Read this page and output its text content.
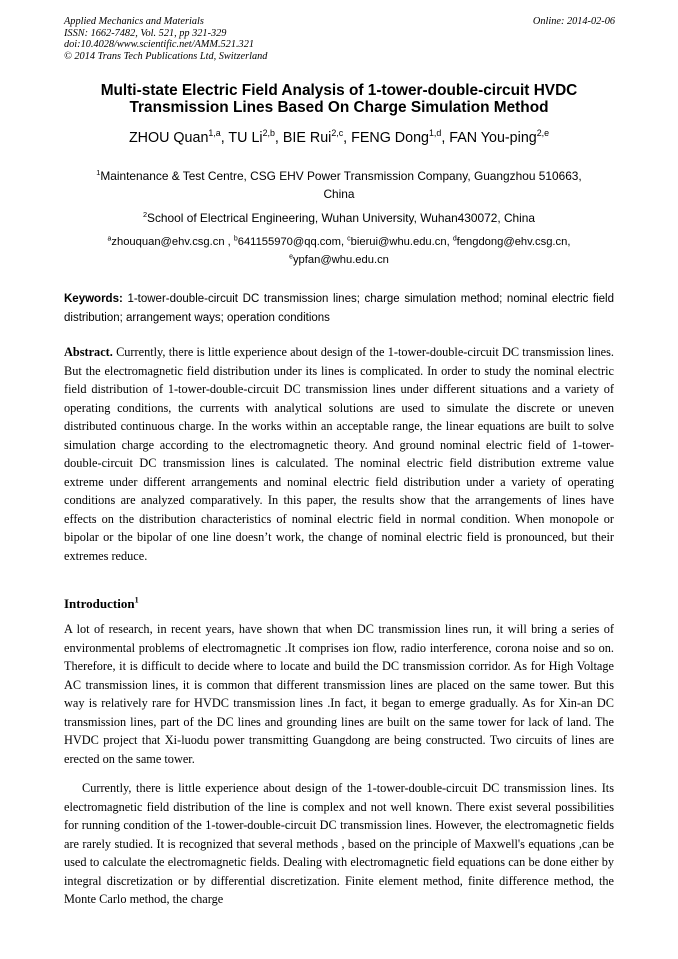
Applied Mechanics and Materials
ISSN: 1662-7482, Vol. 521, pp 321-329
doi:10.4028/www.scientific.net/AMM.521.321
© 2014 Trans Tech Publications Ltd, Switzerland
Online: 2014-02-06
Multi-state Electric Field Analysis of 1-tower-double-circuit HVDC
Transmission Lines Based On Charge Simulation Method
ZHOU Quan$^{1,a}$, TU Li$^{2,b}$, BIE Rui$^{2,c}$, FENG Dong$^{1,d}$, FAN You-ping$^{2,e}$
$^1$Maintenance & Test Centre, CSG EHV Power Transmission Company, Guangzhou 510663,
China
$^2$School of Electrical Engineering, Wuhan University, Wuhan430072, China
$^a$zhouquan@ehv.csg.cn , $^b$641155970@qq.com, $^c$bierui@whu.edu.cn, $^d$fengdong@ehv.csg.cn,
$^e$ypfan@whu.edu.cn
Keywords: 1-tower-double-circuit DC transmission lines; charge simulation method; nominal electric field distribution; arrangement ways; operation conditions
Abstract. Currently, there is little experience about design of the 1-tower-double-circuit DC transmission lines. But the electromagnetic field distribution under its lines is complicated. In order to study the nominal electric field distribution of 1-tower-double-circuit DC transmission lines under different situations and a variety of operating conditions, the currents with analytical solutions are used to simulate the discrete or uneven distributed continuous charge. In the works within an acceptable range, the linear equations are built to solve simulation charge according to the electromagnetic theory. And ground nominal electric field of 1-tower-double-circuit DC transmission lines is calculated. The nominal electric field distribution extreme value extreme under different arrangements and nominal electric field distribution under a variety of operating conditions are analyzed comparatively. In this paper, the results show that the arrangements of lines have effects on the distribution characteristics of nominal electric field in normal condition. When monopole or bipolar or the bipolar of one line doesn’t work, the change of nominal electric field is pronounced, but their extremes reduce.
Introduction$^1$

A lot of research, in recent years, have shown that when DC transmission lines run, it will bring a series of environmental problems of electromagnetic .It comprises ion flow, radio interference, corona noise and so on. Therefore, it is difficult to decide where to locate and build the DC transmission corridor. As for High Voltage AC transmission lines, it is common that different transmission lines are placed on the same tower. But this way is relatively rare for HVDC transmission lines .In fact, it began to emerge gradually. As for Xin-an DC transmission lines, part of the DC lines and grounding lines are built on the same tower for lack of land. The HVDC project that Xi-luodu power transmitting Guangdong are being constructed. Two circuits of lines are erected on the same tower.

Currently, there is little experience about design of the 1-tower-double-circuit DC transmission lines. Its electromagnetic field distribution of the line is complex and not well known. There exist several possibilities for running condition of the 1-tower-double-circuit DC transmission lines. However, the electromagnetic fields are rarely studied. It is recognized that several methods , based on the principle of Maxwell's equations ,can be used to calculate the electromagnetic fields. Dealing with electromagnetic field equations can be done either by integral discretization or by differential discretization. Finite element method, finite difference method, the Monte Carlo method, the charge
